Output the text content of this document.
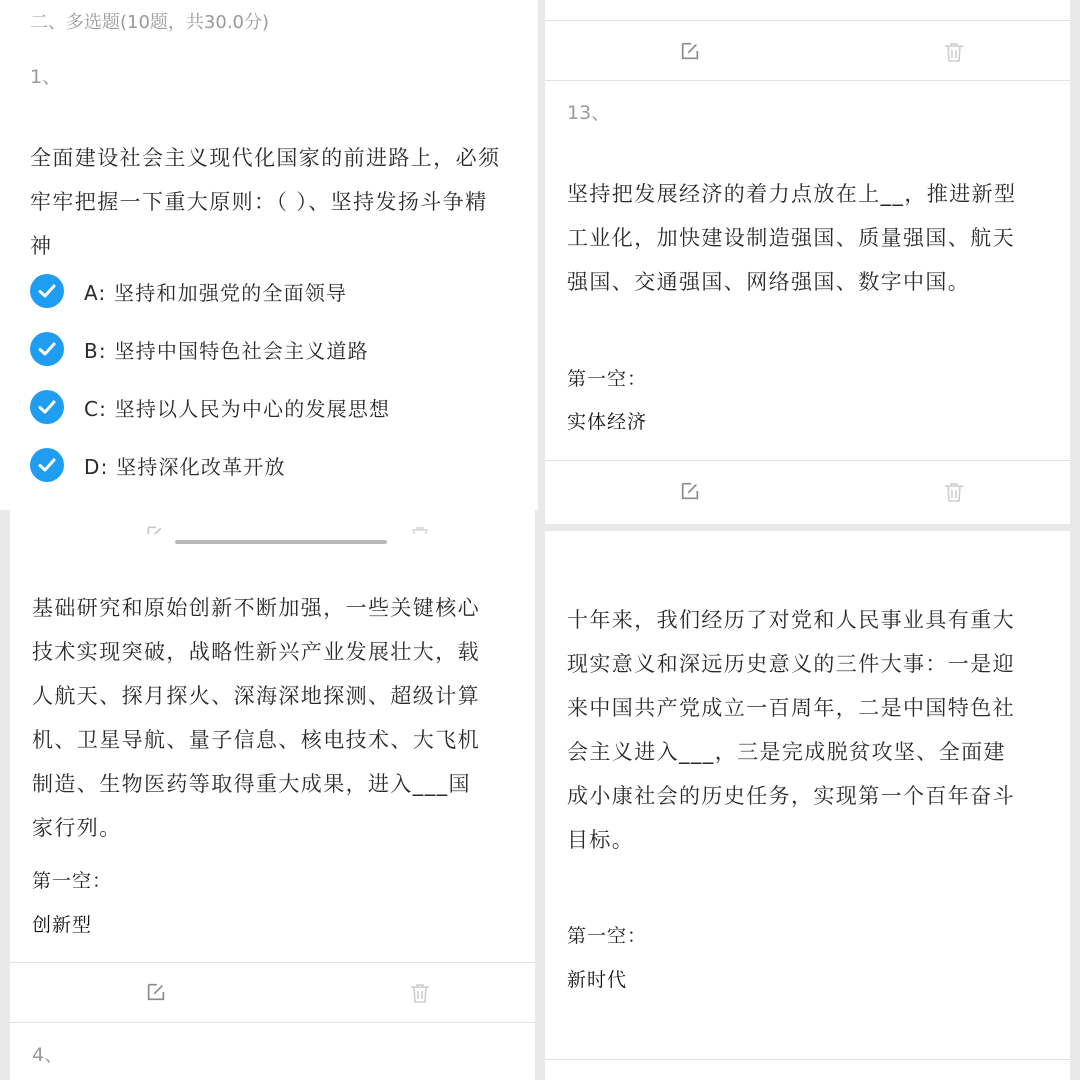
二、多选题(10题，共30.0分)
1、
全面建设社会主义现代化国家的前进路上，必须
牢牢把握一下重大原则：（ ）、坚持发扬斗争精
神
A: 坚持和加强党的全面领导
B: 坚持中国特色社会主义道路
C: 坚持以人民为中心的发展思想
D: 坚持深化改革开放
基础研究和原始创新不断加强，一些关键核心
技术实现突破，战略性新兴产业发展壮大，载
人航天、探月探火、深海深地探测、超级计算
机、卫星导航、量子信息、核电技术、大飞机
制造、生物医药等取得重大成果，进入___国
家行列。
第一空：
创新型
4、
13、
坚持把发展经济的着力点放在上__，推进新型
工业化，加快建设制造强国、质量强国、航天
强国、交通强国、网络强国、数字中国。
第一空：
实体经济
十年来，我们经历了对党和人民事业具有重大
现实意义和深远历史意义的三件大事：一是迎
来中国共产党成立一百周年，二是中国特色社
会主义进入___，三是完成脱贫攻坚、全面建
成小康社会的历史任务，实现第一个百年奋斗
目标。
第一空：
新时代
